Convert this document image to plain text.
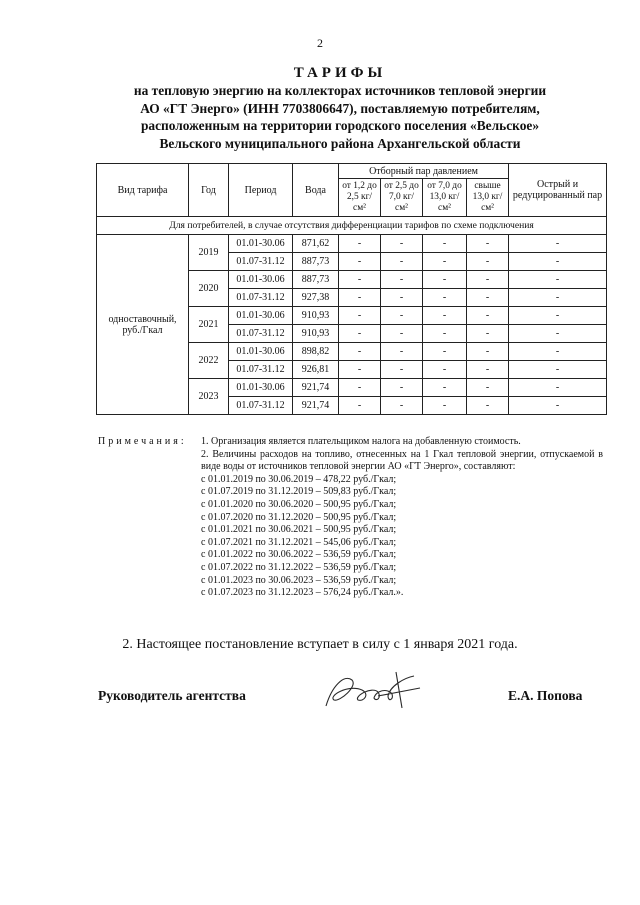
2
ТАРИФЫ
на тепловую энергию на коллекторах источников тепловой энергии
АО «ГТ Энерго» (ИНН 7703806647), поставляемую потребителям,
расположенным на территории городского поселения «Вельское»
Вельского муниципального района Архангельской области
Вид тарифа	Год	Период	Вода	Отборный пар давлением				Острый и редуцированный пар
				от 1,2 до 2,5 кг/см²	от 2,5 до 7,0 кг/см²	от 7,0 до 13,0 кг/см²	свыше 13,0 кг/см²	
Для потребителей, в случае отсутствия дифференциации тарифов по схеме подключения								
одноставочный, руб./Гкал	2019	01.01-30.06	871,62	-	-	-	-	-
		01.07-31.12	887,73	-	-	-	-	-
	2020	01.01-30.06	887,73	-	-	-	-	-
		01.07-31.12	927,38	-	-	-	-	-
	2021	01.01-30.06	910,93	-	-	-	-	-
		01.07-31.12	910,93	-	-	-	-	-
	2022	01.01-30.06	898,82	-	-	-	-	-
		01.07-31.12	926,81	-	-	-	-	-
	2023	01.01-30.06	921,74	-	-	-	-	-
		01.07-31.12	921,74	-	-	-	-	-
Примечания: 1. Организация является плательщиком налога на добавленную стоимость.

2. Величины расходов на топливо, отнесенных на 1 Гкал тепловой энергии, отпускаемой в виде воды от источников тепловой энергии АО «ГТ Энерго», составляют:

с 01.01.2019 по 30.06.2019 – 478,22 руб./Гкал;
с 01.07.2019 по 31.12.2019 – 509,83 руб./Гкал;
с 01.01.2020 по 30.06.2020 – 500,95 руб./Гкал;
с 01.07.2020 по 31.12.2020 – 500,95 руб./Гкал;
с 01.01.2021 по 30.06.2021 – 500,95 руб./Гкал;
с 01.07.2021 по 31.12.2021 – 545,06 руб./Гкал;
с 01.01.2022 по 30.06.2022 – 536,59 руб./Гкал;
с 01.07.2022 по 31.12.2022 – 536,59 руб./Гкал;
с 01.01.2023 по 30.06.2023 – 536,59 руб./Гкал;
с 01.07.2023 по 31.12.2023 – 576,24 руб./Гкал.».
2. Настоящее постановление вступает в силу с 1 января 2021 года.
Руководитель агентства	Е.А. Попова
